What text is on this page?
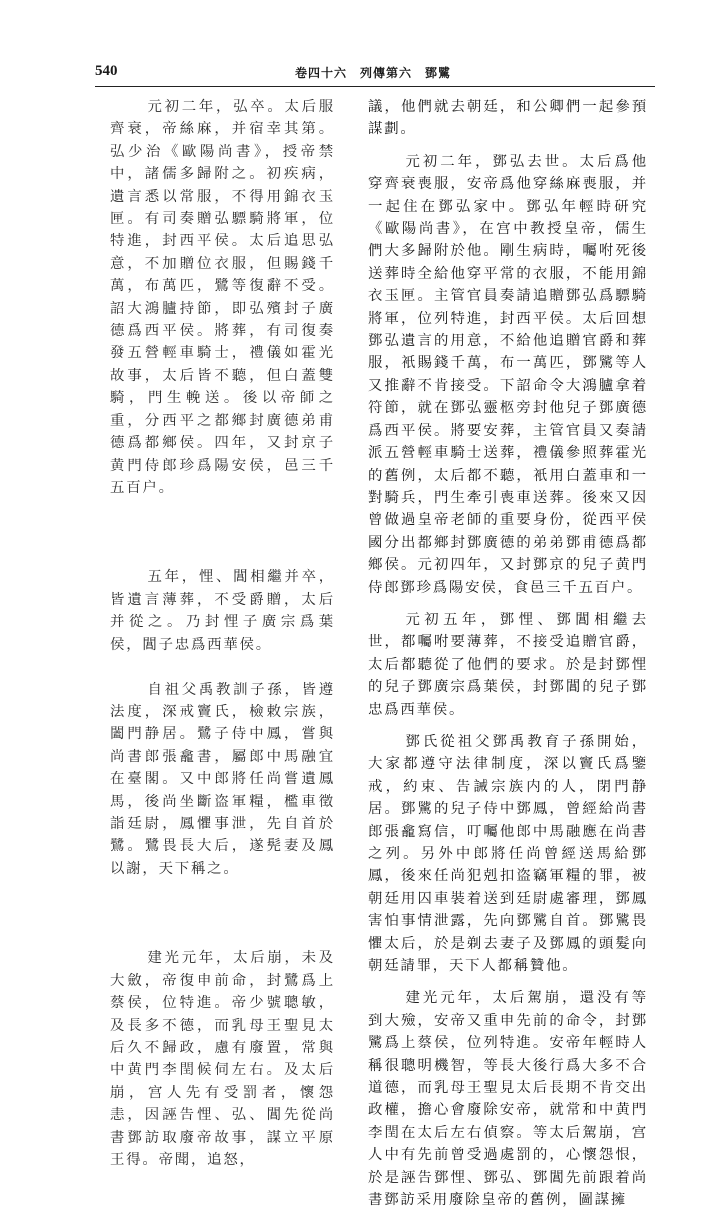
540	卷四十六　列傳第六　鄧騭

元初二年，弘卒。太后服齊衰，帝絲麻，并宿幸其第。弘少治《歐陽尚書》，授帝禁中，諸儒多歸附之。初疾病，遺言悉以常服，不得用錦衣玉匣。有司奏贈弘驃騎將軍，位特進，封西平侯。太后追思弘意，不加贈位衣服，但賜錢千萬，布萬匹，鷺等復辭不受。詔大鴻臚持節，即弘殯封子廣德爲西平侯。將葬，有司復奏發五營輕車騎士，禮儀如霍光故事，太后皆不聽，但白蓋雙騎，門生輓送。後以帝師之重，分西平之都鄉封廣德弟甫德爲都鄉侯。四年，又封京子黄門侍郎珍爲陽安侯，邑三千五百户。

五年，悝、閶相繼并卒，皆遺言薄葬，不受爵贈，太后并從之。乃封悝子廣宗爲葉侯，閶子忠爲西華侯。

自祖父禹教訓子孫，皆遵法度，深戒竇氏，檢敕宗族，闔門静居。鷺子侍中鳳，嘗與尚書郎張龕書，屬郎中馬融宜在臺閣。又中郎將任尚嘗遺鳳馬，後尚坐斷盗軍糧，檻車徵詣廷尉，鳳懼事泄，先自首於鷺。鷺畏長大后，遂髡妻及鳳以謝，天下稱之。

建光元年，太后崩，未及大斂，帝復申前命，封鷺爲上蔡侯，位特進。帝少號聰敏，及長多不德，而乳母王聖見太后久不歸政，慮有廢置，常與中黄門李閏候伺左右。及太后崩，宫人先有受罰者，懷怨恚，因誣告悝、弘、閶先從尚書鄧訪取廢帝故事，謀立平原王得。帝聞，追怒，

議，他們就去朝廷，和公卿們一起參預謀劃。

元初二年，鄧弘去世。太后爲他穿齊衰喪服，安帝爲他穿絲麻喪服，并一起住在鄧弘家中。鄧弘年輕時研究《歐陽尚書》，在宫中教授皇帝，儒生們大多歸附於他。剛生病時，囑咐死後送葬時全給他穿平常的衣服，不能用錦衣玉匣。主管官員奏請追贈鄧弘爲驃騎將軍，位列特進，封西平侯。太后回想鄧弘遺言的用意，不給他追贈官爵和葬服，衹賜錢千萬，布一萬匹，鄧騭等人又推辭不肯接受。下詔命令大鴻臚拿着符節，就在鄧弘靈柩旁封他兒子鄧廣德爲西平侯。將要安葬，主管官員又奏請派五營輕車騎士送葬，禮儀參照葬霍光的舊例，太后都不聽，衹用白蓋車和一對騎兵，門生牽引喪車送葬。後來又因曾做過皇帝老師的重要身份，從西平侯國分出都鄉封鄧廣德的弟弟鄧甫德爲都鄉侯。元初四年，又封鄧京的兒子黄門侍郎鄧珍爲陽安侯，食邑三千五百户。

元初五年，鄧悝、鄧閶相繼去世，都囑咐要薄葬，不接受追贈官爵，太后都聽從了他們的要求。於是封鄧悝的兒子鄧廣宗爲葉侯，封鄧閶的兒子鄧忠爲西華侯。

鄧氏從祖父鄧禹教育子孫開始，大家都遵守法律制度，深以竇氏爲鑒戒，約束、告誡宗族内的人，閉門静居。鄧騭的兒子侍中鄧鳳，曾經給尚書郎張龕寫信，叮囑他郎中馬融應在尚書之列。另外中郎將任尚曾經送馬給鄧鳳，後來任尚犯剋扣盗竊軍糧的罪，被朝廷用囚車裝着送到廷尉處審理，鄧鳳害怕事情泄露，先向鄧騭自首。鄧騭畏懼太后，於是剃去妻子及鄧鳳的頭髮向朝廷請罪，天下人都稱贊他。

建光元年，太后駕崩，還没有等到大殮，安帝又重申先前的命令，封鄧騭爲上蔡侯，位列特進。安帝年輕時人稱很聰明機智，等長大後行爲大多不合道德，而乳母王聖見太后長期不肯交出政權，擔心會廢除安帝，就常和中黄門李閏在太后左右偵察。等太后駕崩，宫人中有先前曾受過處罰的，心懷怨恨，於是誣告鄧悝、鄧弘、鄧閶先前跟着尚書鄧訪采用廢除皇帝的舊例，圖謀擁
